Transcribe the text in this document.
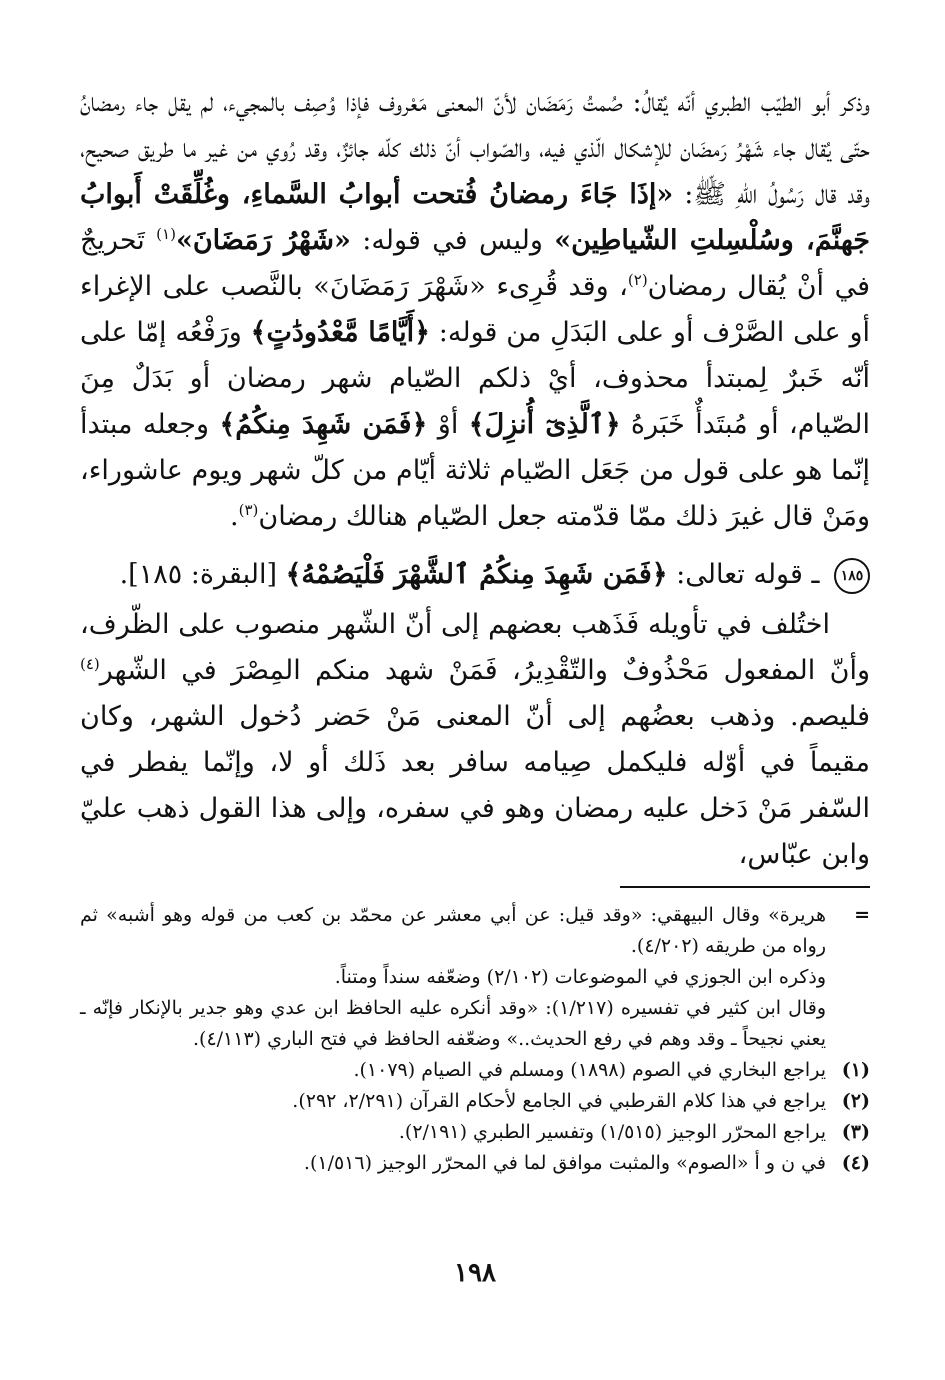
وذكر أبو الطيّب الطبري أنّه يُقالُ: صُمتُ رَمَضَان لأنّ المعنى مَعْروف فإذا وُصِف بالمجيء، لم يقل جاء رمضانُ حتّى يُقال جاء شَهْرُ رَمضَان للإشكال الّذي فيه، والصّواب أنّ ذلك كلّه جائزٌ، وقد رُوي من غير ما طريق صحيح، وقد قال رَسُولُ اللّهِ ﷺ: «إذَا جَاءَ رمضانُ فُتحت أبوابُ السَّماءِ، وغُلِّقَتْ أَبوابُ جَهنَّمَ، وسُلْسِلتِ الشّياطِين» وليس في قوله: «شَهْرُ رَمَضَانَ»$^{(١)}$ تَحريجٌ في أنْ يُقال رمضان$^{(٢)}$، وقد قُرِىء «شَهْرَ رَمَضَانَ» بالنَّصب على الإغراء أو على الصَّرْف أو على البَدَلِ من قوله: ﴿أَيَّامًا مَّعْدُودَٰتٍ﴾ ورَفْعُه إمّا على أنّه خَبرٌ لِمبتدأ محذوف، أيْ ذلكم الصّيام شهر رمضان أو بَدَلٌ مِنَ الصّيام، أو مُبتَدأٌ خَبَرهُ ﴿ٱلَّذِىٓ أُنزِلَ﴾ أوْ ﴿فَمَن شَهِدَ مِنكُمُ﴾ وجعله مبتدأ إنّما هو على قول من جَعَل الصّيام ثلاثة أيّام من كلّ شهر ويوم عاشوراء، ومَنْ قال غيرَ ذلك ممّا قدّمته جعل الصّيام هنالك رمضان$^{(٣)}$.

١٨٥ ـ قوله تعالى: ﴿فَمَن شَهِدَ مِنكُمُ ٱلشَّهْرَ فَلْيَصُمْهُ﴾ [البقرة: ١٨٥].

اختُلف في تأويله فَذَهب بعضهم إلى أنّ الشّهر منصوب على الظّرف، وأنّ المفعول مَحْذُوفٌ والتّقْدِيرُ، فَمَنْ شهد منكم المِصْرَ في الشّهر$^{(٤)}$ فليصم. وذهب بعضُهم إلى أنّ المعنى مَنْ حَضر دُخول الشهر، وكان مقيماً في أوّله فليكمل صِيامه سافر بعد ذَلك أو لا، وإنّما يفطر في السّفر مَنْ دَخل عليه رمضان وهو في سفره، وإلى هذا القول ذهب عليّ وابن عبّاس،

=
هريرة» وقال البيهقي: «وقد قيل: عن أبي معشر عن محمّد بن كعب من قوله وهو أشبه» ثم رواه من طريقه (٤/٢٠٢).
وذكره ابن الجوزي في الموضوعات (٢/١٠٢) وضعّفه سنداً ومتناً.
وقال ابن كثير في تفسيره (١/٢١٧): «وقد أنكره عليه الحافظ ابن عدي وهو جدير بالإنكار فإنّه ـ يعني نجيحاً ـ وقد وهم في رفع الحديث..» وضعّفه الحافظ في فتح الباري (٤/١١٣).
(١)
يراجع البخاري في الصوم (١٨٩٨) ومسلم في الصيام (١٠٧٩).
(٢)
يراجع في هذا كلام القرطبي في الجامع لأحكام القرآن (٢/٢٩١، ٢٩٢).
(٣)
يراجع المحرّر الوجيز (١/٥١٥) وتفسير الطبري (٢/١٩١).
(٤)
في ن و أ «الصوم» والمثبت موافق لما في المحرّر الوجيز (١/٥١٦).
١٩٨
